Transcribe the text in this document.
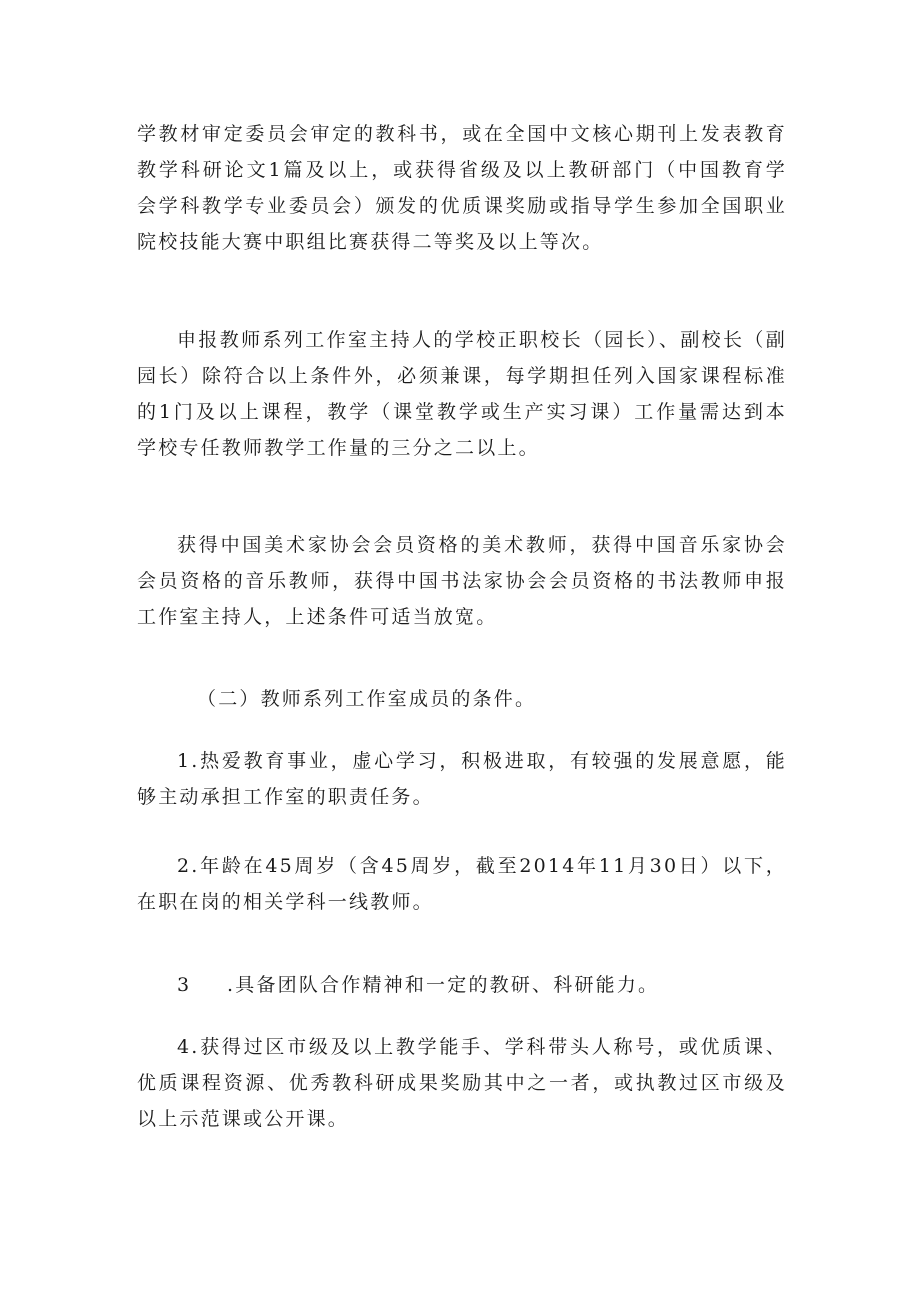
学教材审定委员会审定的教科书，或在全国中文核心期刊上发表教育教学科研论文1篇及以上，或获得省级及以上教研部门（中国教育学会学科教学专业委员会）颁发的优质课奖励或指导学生参加全国职业院校技能大赛中职组比赛获得二等奖及以上等次。

申报教师系列工作室主持人的学校正职校长（园长）、副校长（副园长）除符合以上条件外，必须兼课，每学期担任列入国家课程标准的1门及以上课程，教学（课堂教学或生产实习课）工作量需达到本学校专任教师教学工作量的三分之二以上。

获得中国美术家协会会员资格的美术教师，获得中国音乐家协会会员资格的音乐教师，获得中国书法家协会会员资格的书法教师申报工作室主持人，上述条件可适当放宽。

（二）教师系列工作室成员的条件。

1.热爱教育事业，虚心学习，积极进取，有较强的发展意愿，能够主动承担工作室的职责任务。

2.年龄在45周岁（含45周岁，截至2014年11月30日）以下，在职在岗的相关学科一线教师。

3 .具备团队合作精神和一定的教研、科研能力。

4.获得过区市级及以上教学能手、学科带头人称号，或优质课、优质课程资源、优秀教科研成果奖励其中之一者，或执教过区市级及以上示范课或公开课。
